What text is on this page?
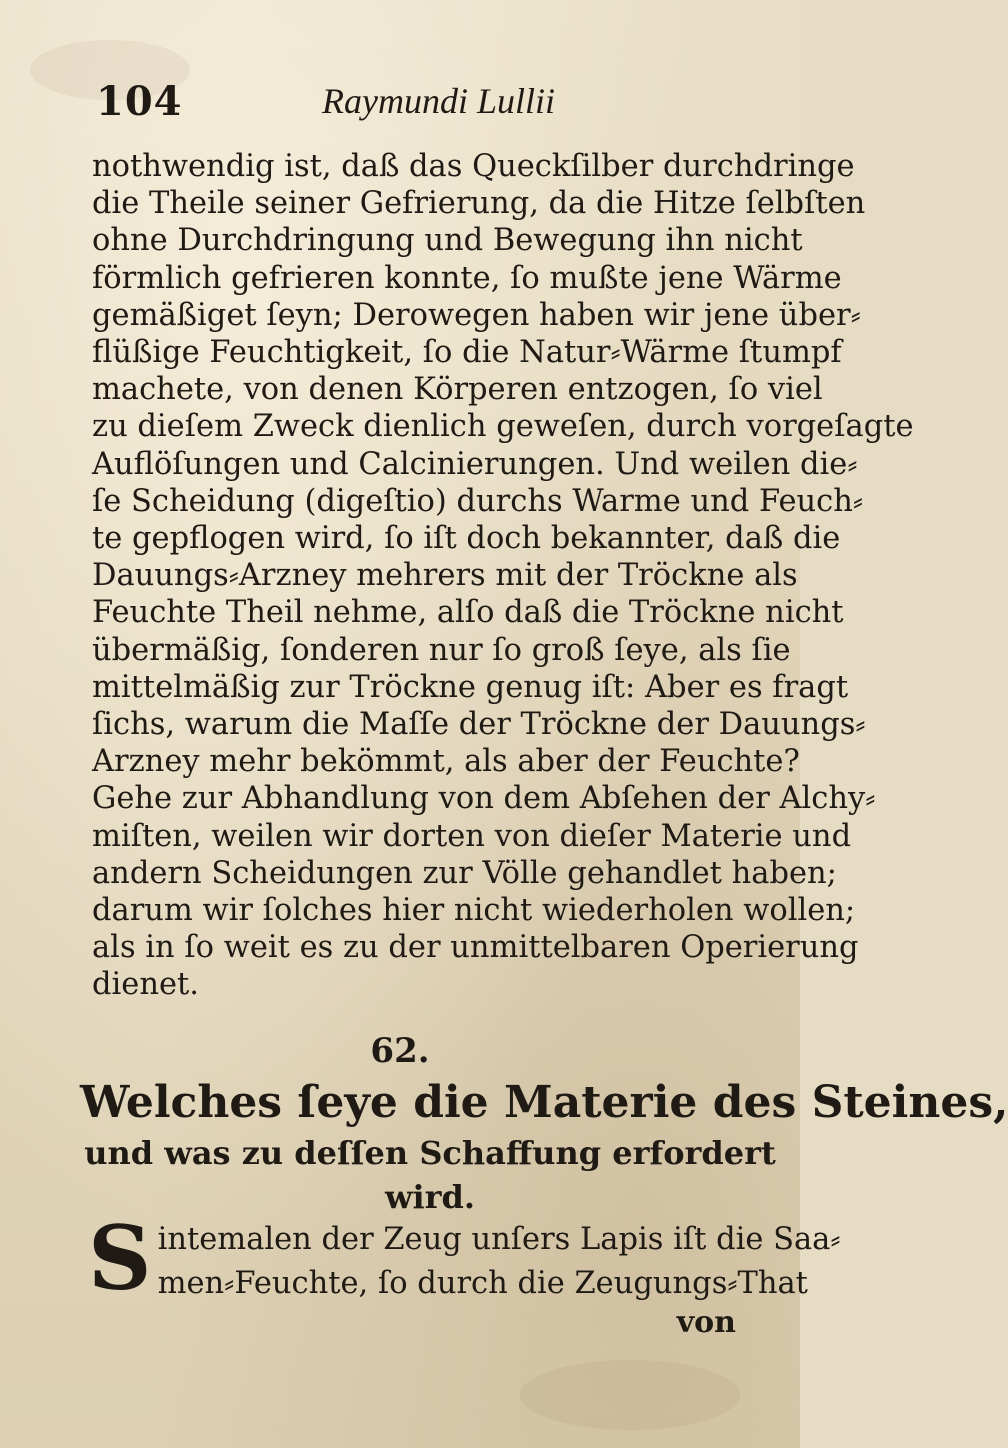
104	Raymundi Lullii
nothwendig ist, daß das Queckſilber durchdringe
die Theile seiner Gefrierung, da die Hitze ſelbſten
ohne Durchdringung und Bewegung ihn nicht
förmlich gefrieren konnte, ſo mußte jene Wärme
gemäßiget ſeyn; Derowegen haben wir jene über⸗
flüßige Feuchtigkeit, ſo die Natur⸗Wärme ſtumpf
machete, von denen Körperen entzogen, ſo viel
zu dieſem Zweck dienlich geweſen, durch vorgeſagte
Auflöſungen und Calcinierungen. Und weilen die⸗
ſe Scheidung (digeſtio) durchs Warme und Feuch⸗
te gepflogen wird, ſo iſt doch bekannter, daß die
Dauungs⸗Arzney mehrers mit der Tröckne als
Feuchte Theil nehme, alſo daß die Tröckne nicht
übermäßig, ſonderen nur ſo groß ſeye, als ſie
mittelmäßig zur Tröckne genug iſt: Aber es fragt
ſichs, warum die Maſſe der Tröckne der Dauungs⸗
Arzney mehr bekömmt, als aber der Feuchte?
Gehe zur Abhandlung von dem Abſehen der Alchy⸗
miſten, weilen wir dorten von dieſer Materie und
andern Scheidungen zur Völle gehandlet haben;
darum wir ſolches hier nicht wiederholen wollen;
als in ſo weit es zu der unmittelbaren Operierung
dienet.
62.
Welches ſeye die Materie des Steines,
und was zu deſſen Schaffung erfordert
wird.
S intemalen der Zeug unſers Lapis iſt die Saa⸗
men⸗Feuchte, ſo durch die Zeugungs⸗That
von
